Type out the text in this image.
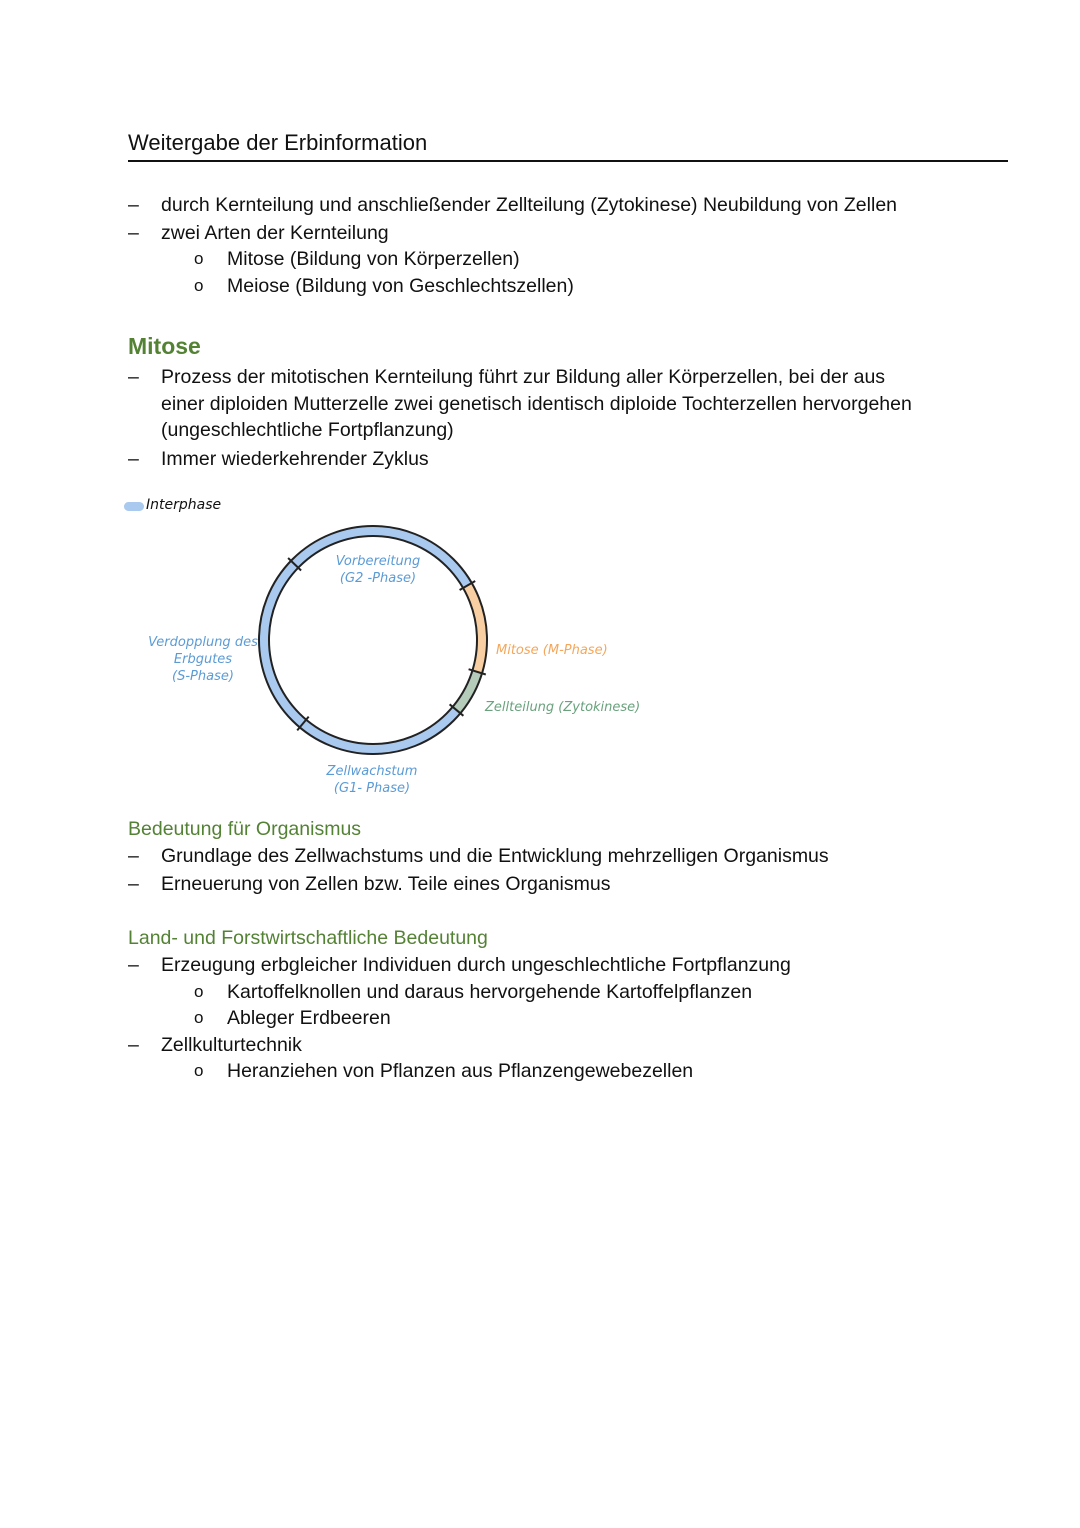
Weitergabe der Erbinformation
– durch Kernteilung und anschließender Zellteilung (Zytokinese) Neubildung von Zellen
– zwei Arten der Kernteilung
o Mitose (Bildung von Körperzellen)
o Meiose (Bildung von Geschlechtszellen)
Mitose
– Prozess der mitotischen Kernteilung führt zur Bildung aller Körperzellen, bei der aus
einer diploiden Mutterzelle zwei genetisch identisch diploide Tochterzellen hervorgehen
(ungeschlechtliche Fortpflanzung)
– Immer wiederkehrender Zyklus
Interphase
Vorbereitung
(G2 -Phase)
Verdopplung des
Erbgutes
(S-Phase)
Mitose (M-Phase)
Zellteilung (Zytokinese)
Zellwachstum
(G1- Phase)
Bedeutung für Organismus
– Grundlage des Zellwachstums und die Entwicklung mehrzelligen Organismus
– Erneuerung von Zellen bzw. Teile eines Organismus
Land- und Forstwirtschaftliche Bedeutung
– Erzeugung erbgleicher Individuen durch ungeschlechtliche Fortpflanzung
o Kartoffelknollen und daraus hervorgehende Kartoffelpflanzen
o Ableger Erdbeeren
– Zellkulturtechnik
o Heranziehen von Pflanzen aus Pflanzengewebezellen
